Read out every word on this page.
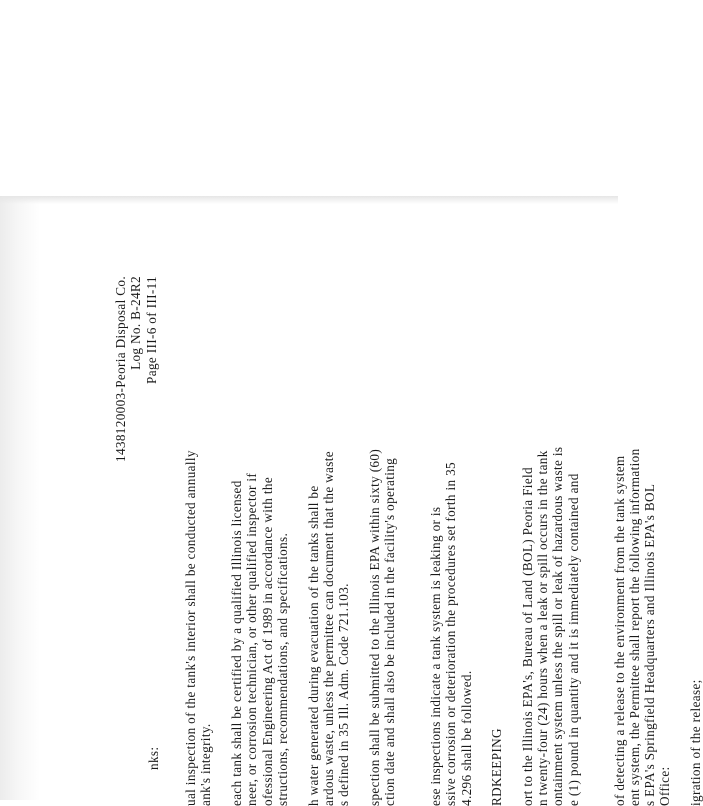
1438120003-Peoria Disposal Co. Log No. B-24R2 Page III-6 of III-11
ual inspection of the tank's interior shall be conducted annually ank's integrity. each tank shall be certified by a qualified Illinois licensed neer, or corrosion technician, or other qualified inspector if ofessional Engineering Act of 1989 in accordance with the structions, recommendations, and specifications. h water generated during evacuation of the tanks shall be ardous waste, unless the permittee can document that the waste s defined in 35 Ill. Adm. Code 721.103. spection shall be submitted to the Illinois EPA within sixty (60) ction date and shall also be included in the facility's operating ese inspections indicate a tank system is leaking or is ssive corrosion or deterioration the procedures set forth in 35 4.296 shall be followed. RDKEEPING ort to the Illinois EPA's, Bureau of Land (BOL) Peoria Field n twenty-four (24) hours when a leak or spill occurs in the tank ontainment system unless the spill or leak of hazardous waste is e (1) pound in quantity and it is immediately contained and of detecting a release to the environment from the tank system ent system, the Permittee shall report the following information s EPA's Springfield Headquarters and Illinois EPA's BOL Office: igration of the release;
nks:
